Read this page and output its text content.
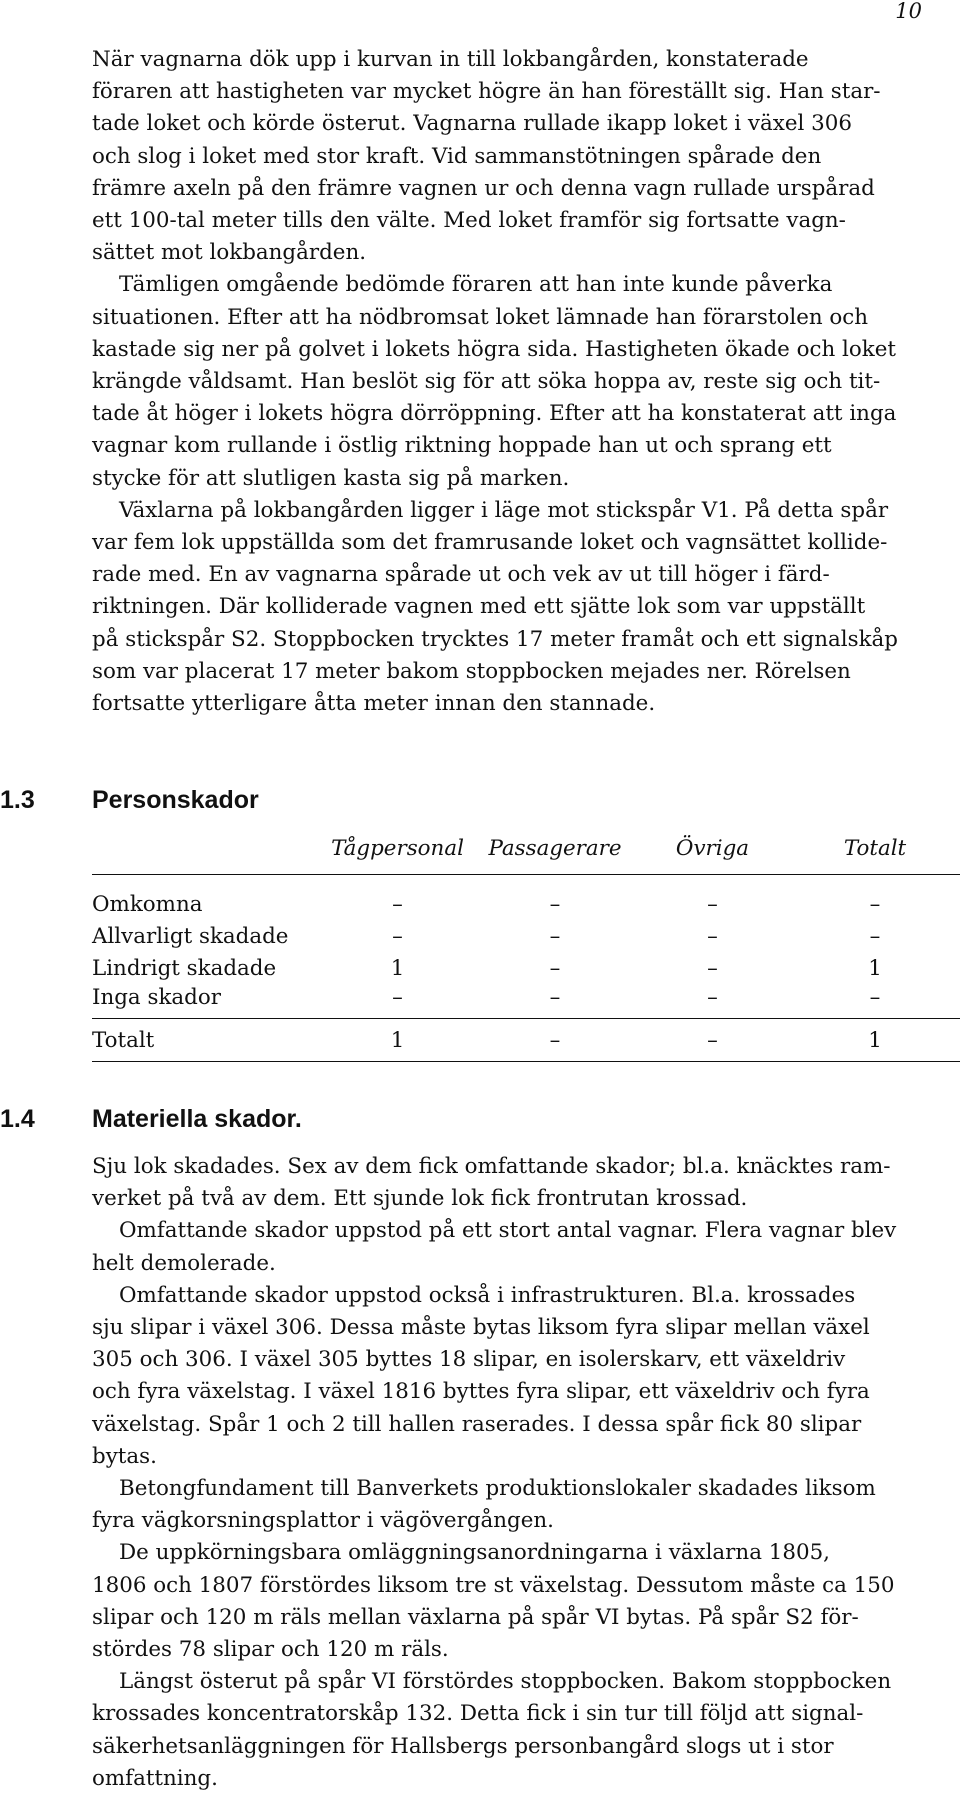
10

När vagnarna dök upp i kurvan in till lokbangården, konstaterade

föraren att hastigheten var mycket högre än han föreställt sig. Han star-

tade loket och körde österut. Vagnarna rullade ikapp loket i växel 306

och slog i loket med stor kraft. Vid sammanstötningen spårade den

främre axeln på den främre vagnen ur och denna vagn rullade urspårad

ett 100-tal meter tills den välte. Med loket framför sig fortsatte vagn-

sättet mot lokbangården.

Tämligen omgående bedömde föraren att han inte kunde påverka

situationen. Efter att ha nödbromsat loket lämnade han förarstolen och

kastade sig ner på golvet i lokets högra sida. Hastigheten ökade och loket

krängde våldsamt. Han beslöt sig för att söka hoppa av, reste sig och tit-

tade åt höger i lokets högra dörröppning. Efter att ha konstaterat att inga

vagnar kom rullande i östlig riktning hoppade han ut och sprang ett

stycke för att slutligen kasta sig på marken.

Växlarna på lokbangården ligger i läge mot stickspår V1. På detta spår

var fem lok uppställda som det framrusande loket och vagnsättet kollide-

rade med. En av vagnarna spårade ut och vek av ut till höger i färd-

riktningen. Där kolliderade vagnen med ett sjätte lok som var uppställt

på stickspår S2. Stoppbocken trycktes 17 meter framåt och ett signalskåp

som var placerat 17 meter bakom stoppbocken mejades ner. Rörelsen

fortsatte ytterligare åtta meter innan den stannade.

1.3 Personskador
	Tågpersonal	Passagerare	Övriga	Totalt
Omkomna	–	–	–	–
Allvarligt skadade	–	–	–	–
Lindrigt skadade	1	–	–	1
Inga skador	–	–	–	–
Totalt	1	–	–	1
1.4 Materiella skador.

Sju lok skadades. Sex av dem fick omfattande skador; bl.a. knäcktes ram-

verket på två av dem. Ett sjunde lok fick frontrutan krossad.

Omfattande skador uppstod på ett stort antal vagnar. Flera vagnar blev

helt demolerade.

Omfattande skador uppstod också i infrastrukturen. Bl.a. krossades

sju slipar i växel 306. Dessa måste bytas liksom fyra slipar mellan växel

305 och 306. I växel 305 byttes 18 slipar, en isolerskarv, ett växeldriv

och fyra växelstag. I växel 1816 byttes fyra slipar, ett växeldriv och fyra

växelstag. Spår 1 och 2 till hallen raserades. I dessa spår fick 80 slipar

bytas.

Betongfundament till Banverkets produktionslokaler skadades liksom

fyra vägkorsningsplattor i vägövergången.

De uppkörningsbara omläggningsanordningarna i växlarna 1805,

1806 och 1807 förstördes liksom tre st växelstag. Dessutom måste ca 150

slipar och 120 m räls mellan växlarna på spår VI bytas. På spår S2 för-

stördes 78 slipar och 120 m räls.

Längst österut på spår VI förstördes stoppbocken. Bakom stoppbocken

krossades koncentratorskåp 132. Detta fick i sin tur till följd att signal-

säkerhetsanläggningen för Hallsbergs personbangård slogs ut i stor

omfattning.
